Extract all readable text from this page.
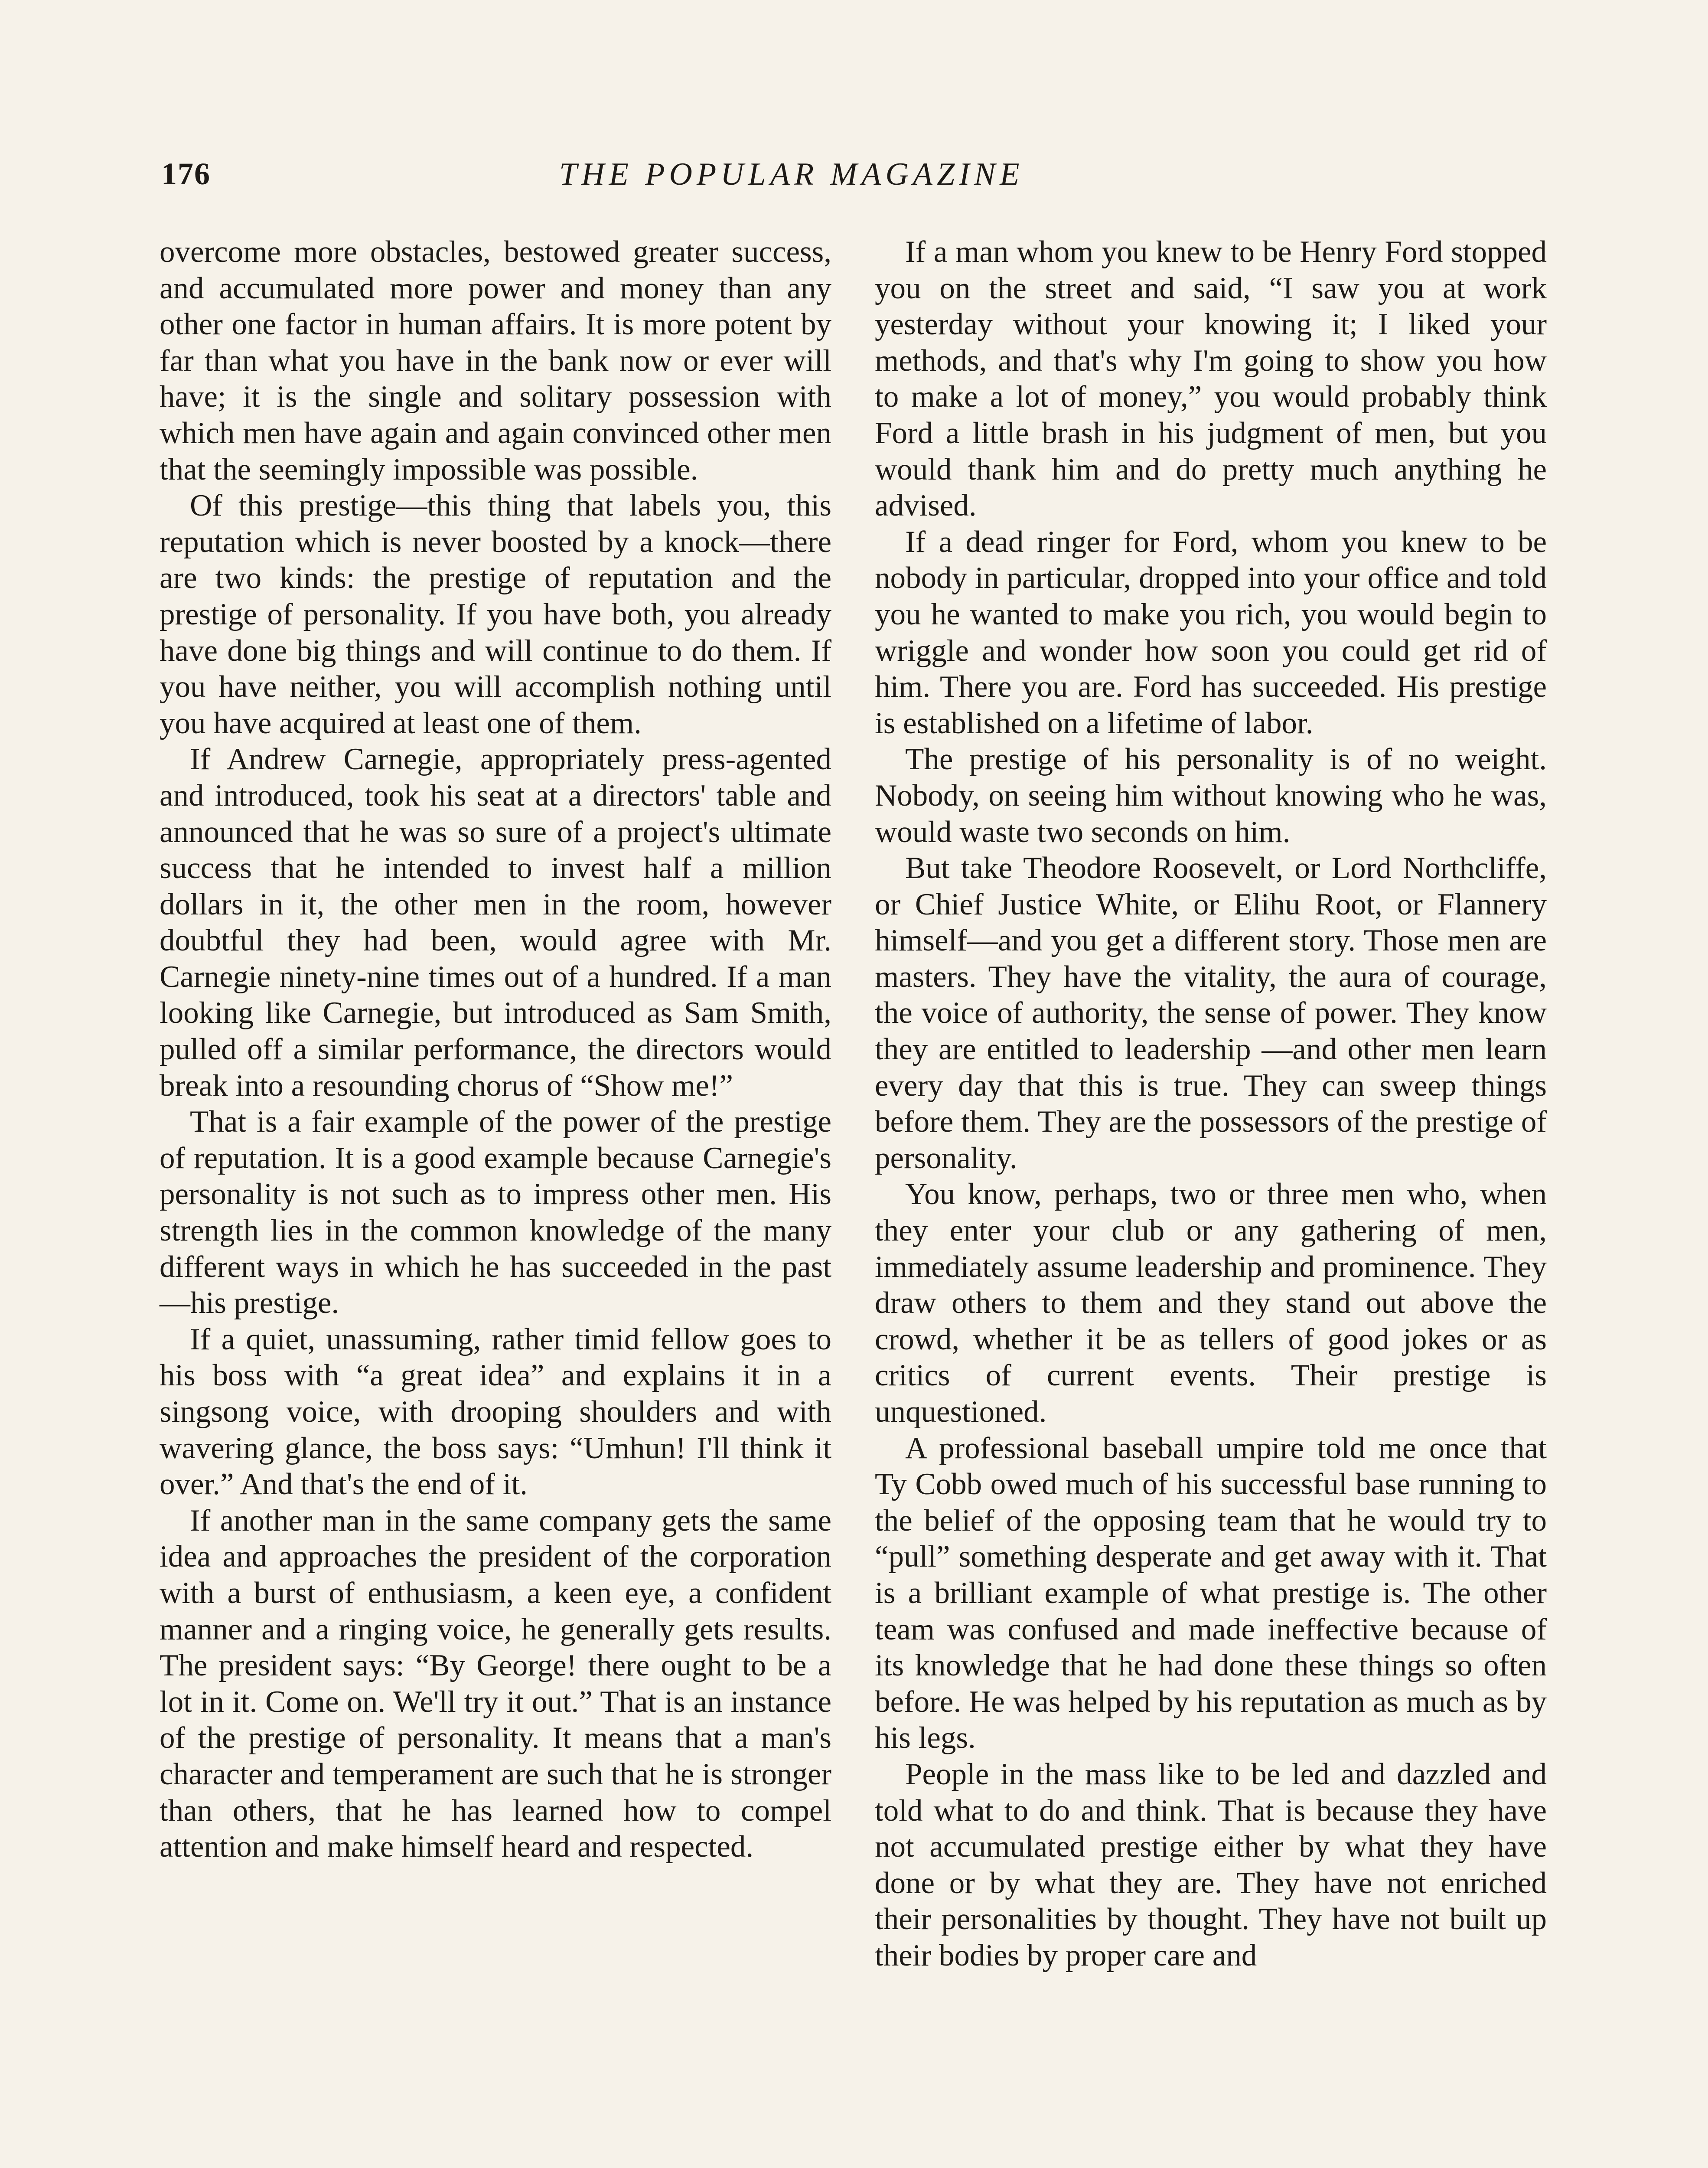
176	THE POPULAR MAGAZINE

overcome more obstacles, bestowed greater success, and accumulated more power and money than any other one factor in human affairs. It is more potent by far than what you have in the bank now or ever will have; it is the single and solitary possession with which men have again and again convinced other men that the seemingly impossible was possible.

Of this prestige—this thing that labels you, this reputation which is never boosted by a knock—there are two kinds: the prestige of reputation and the prestige of personality. If you have both, you already have done big things and will continue to do them. If you have neither, you will accomplish nothing until you have acquired at least one of them.

If Andrew Carnegie, appropriately press-agented and introduced, took his seat at a directors' table and announced that he was so sure of a project's ultimate success that he intended to invest half a million dollars in it, the other men in the room, however doubtful they had been, would agree with Mr. Carnegie ninety-nine times out of a hundred. If a man looking like Carnegie, but introduced as Sam Smith, pulled off a similar performance, the directors would break into a resounding chorus of “Show me!”

That is a fair example of the power of the prestige of reputation. It is a good example because Carnegie's personality is not such as to impress other men. His strength lies in the common knowledge of the many different ways in which he has succeeded in the past—his prestige.

If a quiet, unassuming, rather timid fellow goes to his boss with “a great idea” and explains it in a singsong voice, with drooping shoulders and with wavering glance, the boss says: “Umhun! I'll think it over.” And that's the end of it.

If another man in the same company gets the same idea and approaches the president of the corporation with a burst of enthusiasm, a keen eye, a confident manner and a ringing voice, he generally gets results. The president says: “By George! there ought to be a lot in it. Come on. We'll try it out.” That is an instance of the prestige of personality. It means that a man's character and temperament are such that he is stronger than others, that he has learned how to compel attention and make himself heard and respected.

If a man whom you knew to be Henry Ford stopped you on the street and said, “I saw you at work yesterday without your knowing it; I liked your methods, and that's why I'm going to show you how to make a lot of money,” you would probably think Ford a little brash in his judgment of men, but you would thank him and do pretty much anything he advised.

If a dead ringer for Ford, whom you knew to be nobody in particular, dropped into your office and told you he wanted to make you rich, you would begin to wriggle and wonder how soon you could get rid of him. There you are. Ford has succeeded. His prestige is established on a lifetime of labor.

The prestige of his personality is of no weight. Nobody, on seeing him without knowing who he was, would waste two seconds on him.

But take Theodore Roosevelt, or Lord Northcliffe, or Chief Justice White, or Elihu Root, or Flannery himself—and you get a different story. Those men are masters. They have the vitality, the aura of courage, the voice of authority, the sense of power. They know they are entitled to leadership —and other men learn every day that this is true. They can sweep things before them. They are the possessors of the prestige of personality.

You know, perhaps, two or three men who, when they enter your club or any gathering of men, immediately assume leadership and prominence. They draw others to them and they stand out above the crowd, whether it be as tellers of good jokes or as critics of current events. Their prestige is unquestioned.

A professional baseball umpire told me once that Ty Cobb owed much of his successful base running to the belief of the opposing team that he would try to “pull” something desperate and get away with it. That is a brilliant example of what prestige is. The other team was confused and made ineffective because of its knowledge that he had done these things so often before. He was helped by his reputation as much as by his legs.

People in the mass like to be led and dazzled and told what to do and think. That is because they have not accumulated prestige either by what they have done or by what they are. They have not enriched their personalities by thought. They have not built up their bodies by proper care and
